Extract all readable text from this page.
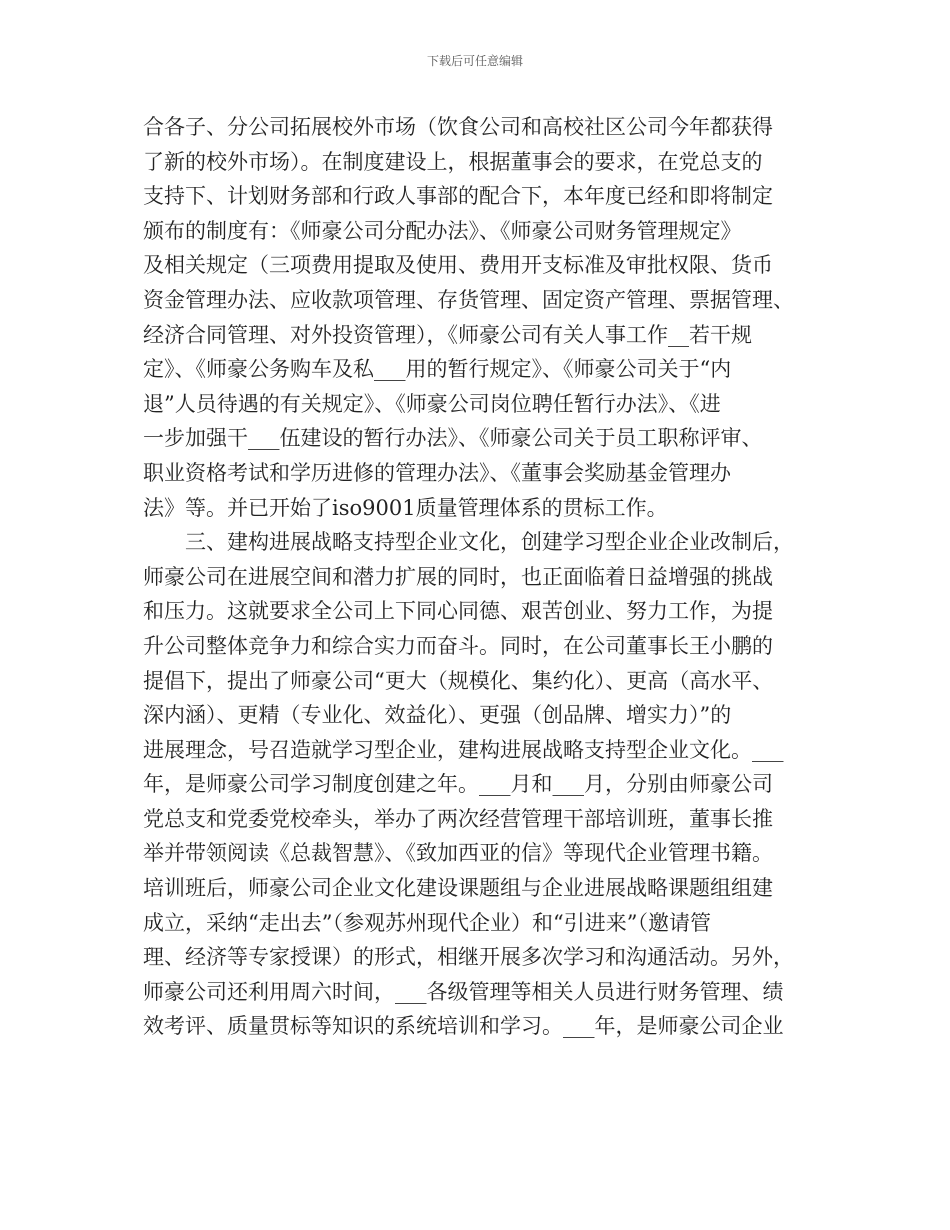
下载后可任意编辑
合各子、分公司拓展校外市场（饮食公司和高校社区公司今年都获得
了新的校外市场）。在制度建设上，根据董事会的要求，在党总支的
支持下、计划财务部和行政人事部的配合下，本年度已经和即将制定
颁布的制度有：《师豪公司分配办法》、《师豪公司财务管理规定》
及相关规定（三项费用提取及使用、费用开支标准及审批权限、货币
资金管理办法、应收款项管理、存货管理、固定资产管理、票据管理、
经济合同管理、对外投资管理），《师豪公司有关人事工作__若干规
定》、《师豪公务购车及私___用的暂行规定》、《师豪公司关于“内
退”人员待遇的有关规定》、《师豪公司岗位聘任暂行办法》、《进
一步加强干___伍建设的暂行办法》、《师豪公司关于员工职称评审、
职业资格考试和学历进修的管理办法》、《董事会奖励基金管理办
法》等。并已开始了iso9001质量管理体系的贯标工作。
　　三、建构进展战略支持型企业文化，创建学习型企业企业改制后，
师豪公司在进展空间和潜力扩展的同时，也正面临着日益增强的挑战
和压力。这就要求全公司上下同心同德、艰苦创业、努力工作，为提
升公司整体竞争力和综合实力而奋斗。同时，在公司董事长王小鹏的
提倡下，提出了师豪公司“更大（规模化、集约化）、更高（高水平、
深内涵）、更精（专业化、效益化）、更强（创品牌、增实力）”的
进展理念，号召造就学习型企业，建构进展战略支持型企业文化。___
年，是师豪公司学习制度创建之年。___月和___月，分别由师豪公司
党总支和党委党校牵头，举办了两次经营管理干部培训班，董事长推
举并带领阅读《总裁智慧》、《致加西亚的信》等现代企业管理书籍。
培训班后，师豪公司企业文化建设课题组与企业进展战略课题组组建
成立，采纳“走出去”（参观苏州现代企业）和“引进来”（邀请管
理、经济等专家授课）的形式，相继开展多次学习和沟通活动。另外，
师豪公司还利用周六时间，___各级管理等相关人员进行财务管理、绩
效考评、质量贯标等知识的系统培训和学习。___年，是师豪公司企业
